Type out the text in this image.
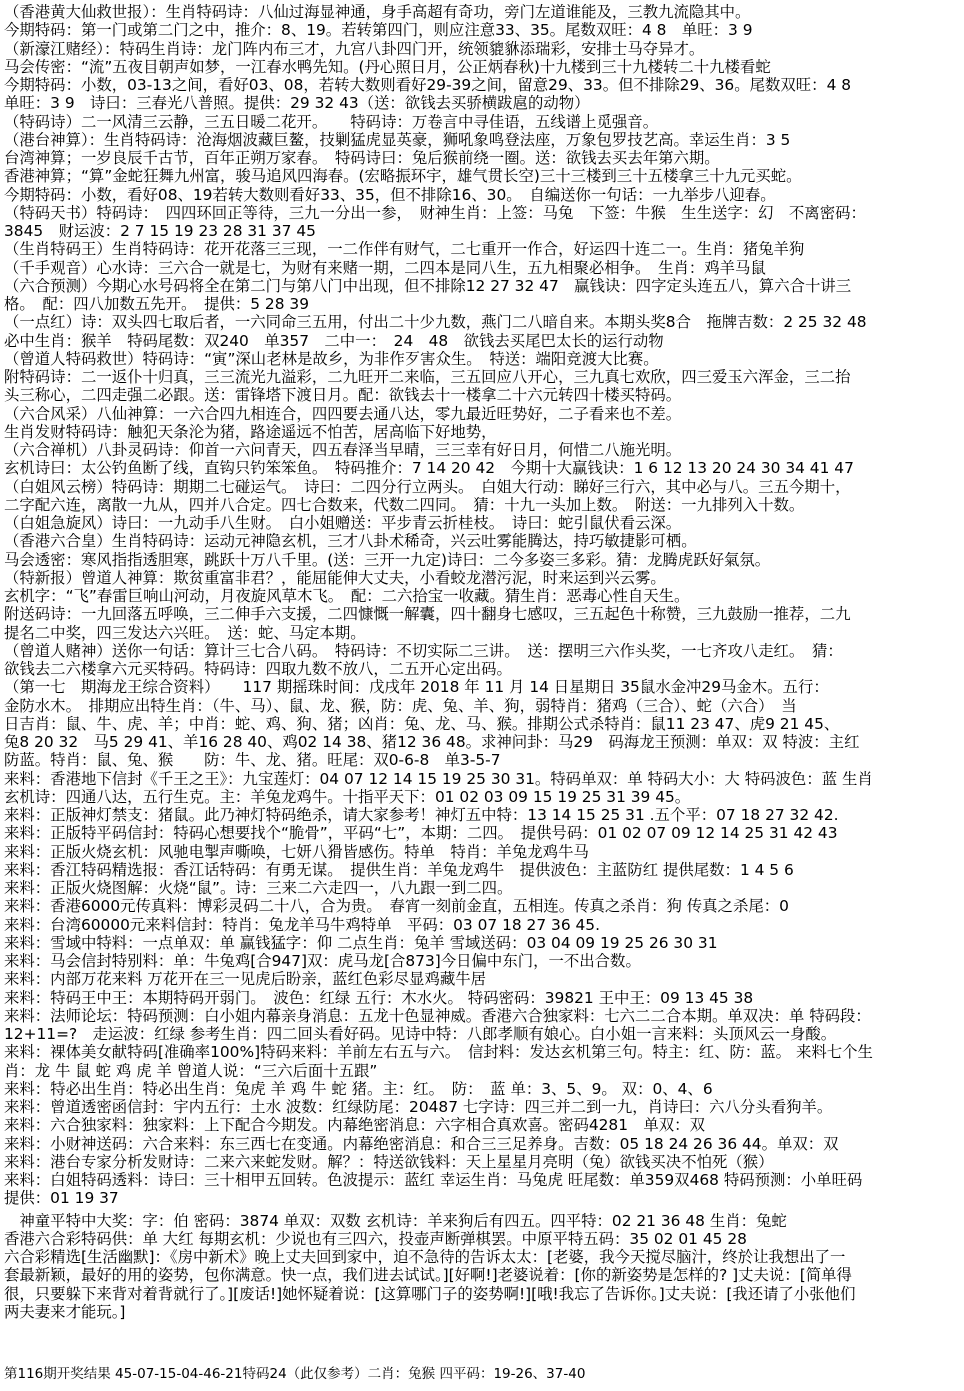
（香港黄大仙救世报）：生肖特码诗：八仙过海显神通，身手高超有奇功，旁门左道谁能及，三教九流隐其中。
今期特码：第一门或第二门之中，推介：8、19。若转第四门，则应注意33、35。尾数双旺：4 8　单旺：3 9
（新濠江赌经）：特码生肖诗：龙门阵内布三才，九宫八卦四门开，统领貔貅添瑞彩，安排士马夺异才。
马会传密：“流”五夜目朝声如梦，一江春水鸭先知。(丹心照日月，公正炳春秋)十九楼到三十九楼转二十九楼看蛇
今期特码：小数，03-13之间，看好03、08，若转大数则看好29-39之间，留意29、33。但不排除29、36。尾数双旺：4 8
单旺：3 9　诗曰：三春光八普照。提供：29 32 43（送：欲钱去买骄横跋扈的动物）
（特码诗）二一风清三云静，三五日暖二花开。　　特码诗：万卷言中寻佳语，五线谱上觅强音。
（港台神算）：生肖特码诗：沧海烟波藏巨鳌，技剿猛虎显英豪，狮吼象鸣登法座，万象包罗技艺高。幸运生肖：3 5
台湾神算；一岁良辰千古节，百年正朔万家春。　特码诗曰：兔后猴前绕一圈。送：欲钱去买去年第六期。
香港神算；“算”金蛇狂舞九州富，骏马追风四海春。(宏略振环宇，雄气贯长空)三十三楼到三十五楼拿三十九元买蛇。
今期特码：小数，看好08、19若转大数则看好33、35，但不排除16、30。　自编送你一句话：一九举步八迎春。
（特码天书）特码诗：　四四环回正等待，三九一分出一参，　财神生肖：上签：马兔　下签：牛猴　生生送字：幻　不离密码：
3845　财运波：2 7 15 19 23 28 31 37 45
（生肖特码王）生肖特码诗：花开花落三三现，一二作伴有财气，二七重开一作合，好运四十连二一。生肖：猪兔羊狗
（千手观音）心水诗：三六合一就是七，为财有来赌一期，二四本是同八生，五九相聚必相争。　生肖：鸡羊马鼠
（六合预测）今期心水号码将全在第二门与第八门中出现，但不排除12 27 32 47　赢钱诀：四字定头连五八，算六合十讲三
格。　配：四八加数五先开。　提供：5 28 39
（一点红）诗：双头四七取后者，一六同命三五用，付出二十少九数，燕门二八暗自来。本期头奖8合　拖牌吉数：2 25 32 48
必中生肖：猴羊　特码尾数：双240　单357　二中一：　24　48　欲钱去买尾巴太长的运行动物
（曾道人特码救世）特码诗：“寅”深山老林是故乡，为非作歹害众生。　特送：端阳竞渡大比赛。
附特码诗：二一返仆十归真，三三流光九溢彩，二九旺开二来临，三五回应八开心，三九真七欢欣，四三爱玉六浑金，三二抬
头三称心，二四走强二必跟。送：雷锋塔下渡日月。配：欲钱去十一楼拿二十六元转四十楼买特码。
（六合风采）八仙神算：一六合四九相连合，四四要去通八达，零九最近旺势好，二子看来也不差。
生肖发财特码诗：触犯天条沦为猪，路途遥远不怕苦，居高临下好地势，
（六合禅机）八卦灵码诗：仰首一六问青天，四五春泽当早晴，三三幸有好日月，何惜二八施光明。
玄机诗曰：太公钓鱼断了线，直钩只钓笨笨鱼。　特码推介：7 14 20 42　今期十大赢钱诀：1 6 12 13 20 24 30 34 41 47
（白姐风云榜）特码诗：期期二七碰运气。　诗曰：二四分行立两头。　白姐大行动：睇好三行六，其中必与八。三五今期十，
二字配六连，离散一九从，四并八合定。四七合数来，代数二四同。　猜：十九一头加上数。　附送：一九排列入十数。
（白姐急旋风）诗曰：一九动手八生财。　白小姐赠送：平步青云折桂枝。　诗曰：蛇引鼠伏看云深。
（香港六合皇）生肖特码诗：运动元神隐玄机，三才八卦术稀奇，兴云吐雾能腾达，持巧敏捷影可栖。
马会透密：寒风指指透胆寒，跳跃十万八千里。(送：三开一九定)诗曰：二今多姿三多彩。猜：龙腾虎跃好氣氛。
（特新报）曾道人神算：欺贫重富非君？，能屈能伸大丈夫，小看蛟龙潜污泥，时来运到兴云雾。
玄机字：“飞”春雷巨响山河动，月夜旋风草木飞。　配：二六拾宝一收藏。猜生肖：恶毒心性自天生。
附送码诗：一九回落五呼唤，三二伸手六支援，二四慷慨一解囊，四十翻身七感叹，三五起色十称赞，三九鼓励一推荐，二九
提名二中奖，四三发达六兴旺。　送：蛇、马定本期。
（曾道人赌神）送你一句话：算计三七合八码。　特码诗：不切实际二三讲。　送：摆明三六作头奖，一七齐攻八走红。　猜：
欲钱去二六楼拿六元买特码。特码诗：四取九数不放八，二五开心定出码。
（第一七　期海龙王综合资料）　　117 期摇珠时间：戊戌年 2018 年 11 月 14 日星期日 35鼠水金冲29马金木。五行：
金防水木。　排期应出特生肖：（牛、马）、鼠、龙、猴，防：虎、兔、羊、狗，弱特肖：猪鸡（三合）、蛇（六合）　当
日吉肖：鼠、牛、虎、羊；中肖：蛇、鸡、狗、猪；凶肖：兔、龙、马、猴。排期公式杀特肖：鼠11 23 47、虎9 21 45、
兔8 20 32　马5 29 41、羊16 28 40、鸡02 14 38、猪12 36 48。求神问卦：马29　码海龙王预测：单双：双 特波：主红
防蓝。特肖：鼠、兔、猴　　防：牛、龙、猪。旺尾：双0-6-8　单3-5-7
来料：香港地下信封《千王之王》：九宝莲灯：04 07 12 14 15 19 25 30 31。特码单双：单 特码大小：大 特码波色：蓝 生肖
玄机诗：四通八达，五行生克。主：羊兔龙鸡牛。十指平天下：01 02 03 09 15 19 25 31 39 45。
来料：正版神灯禁支：猪鼠。此乃神灯特码绝杀，请大家参考！神灯五中特：13 14 15 25 31 .五个平：07 18 27 32 42.
来料：正版特平码信封：特码心想要找个“脆骨”，平码“七”，本期：二四。　提供号码：01 02 07 09 12 14 25 31 42 43
来料：正版火烧玄机：风驰电掣声嘶唤，七妍八猾皆感伤。特单　特肖：羊兔龙鸡牛马
来料：香江特码精选报：香江话特码：有勇无谋。　提供生肖：羊兔龙鸡牛　提供波色：主蓝防红 提供尾数：1 4 5 6
来料：正版火烧图解：火烧“鼠”。诗：三来二六走四一，八九跟一到二四。
来料：香港6000元传真料：博彩灵码二十八，合为贵。　春宵一刻前金直，五相连。传真之杀肖：狗 传真之杀尾：0
来料：台湾60000元来料信封：特肖：兔龙羊马牛鸡特单　平码：03 07 18 27 36 45.
来料：雪域中特料：一点单双：单 赢钱猛字：仰 二点生肖：兔羊 雪域送码：03 04 09 19 25 26 30 31
来料：马会信封特别料：单：牛兔鸡[合947]双：虎马龙[合873]今日偏中东门，一不出合数。
来料：内部万花来料 万花开在三一见虎后盼亲，蓝红色彩尽显鸡藏牛居
来料：特码王中王：本期特码开弱门。　波色：红绿 五行：木水火。 特码密码：39821 王中王：09 13 45 38
来料：法师论坛：特码预测：白小姐内幕亲身消息：五龙十色显神威。香港六合独家料：七六二二合本期。单双决：单 特码段：
12+11=?　走运波：红绿 参考生肖：四二回头看好码。见诗中特：八郎孝顺有娘心。白小姐一言来料：头顶风云一身酸。
来料：裸体美女献特码[准确率100%]特码来料：羊前左右五与六。　信封料：发达玄机第三句。特主：红、防：蓝。 来料七个生
肖：龙 牛 鼠 蛇 鸡 虎 羊 曾道人说：“三六后面十五跟”
来料：特必出生肖：特必出生肖：兔虎 羊 鸡 牛 蛇 猪。主：红。　防：　蓝 单：3、5、9。 双：0、4、6
来料：曾道透密函信封：宇内五行：土水 波数：红绿防尾：20487 七字诗：四三并二到一九，肖诗曰：六八分头看狗羊。
来料：六合独家料：独家料：上下配合今期发。内幕绝密消息：六字相合真欢喜。密码4281　单双：双
来料：小财神送码：六合来料：东三西七在变通。内幕绝密消息：和合三三足养身。吉数：05 18 24 26 36 44。单双：双
来料：港台专家分析发财诗：二来六来蛇发财。解？：特送欲钱料：天上星星月亮明（兔）欲钱买决不怕死（猴）
来料：白姐特码透料：诗曰：三十相甲五回转。色波提示：蓝红 幸运生肖：马兔虎 旺尾数：单359双468 特码预测：小单旺码
提供：01 19 37
　神童平特中大奖：字：伯 密码：3874 单双：双数 玄机诗：羊来狗后有四五。四平特：02 21 36 48 生肖：兔蛇
香港六合彩特码供：单 大红 每期玄机：少说也有三四六，投壶声断弹棋罢。中原平特五码：35 02 01 45 28
六合彩精选[生活幽默]：《房中新术》晚上丈夫回到家中，迫不急待的告诉太太：[老婆，我今天搅尽脑汁，终於让我想出了一
套最新颖，最好的用的姿势，包你满意。快一点，我们进去试试。][好啊!]老婆说着：[你的新姿势是怎样的? ]丈夫说：[简单得
很，只要躲下来背对着背就行了。][废话!]她怀疑着说：[这算哪门子的姿势啊!][哦!我忘了告诉你。]丈夫说：[我还请了小张他们
两夫妻来才能玩。]
第116期开奖结果 45-07-15-04-46-21特码24（此仅参考）二肖：兔猴 四平码：19-26、37-40
